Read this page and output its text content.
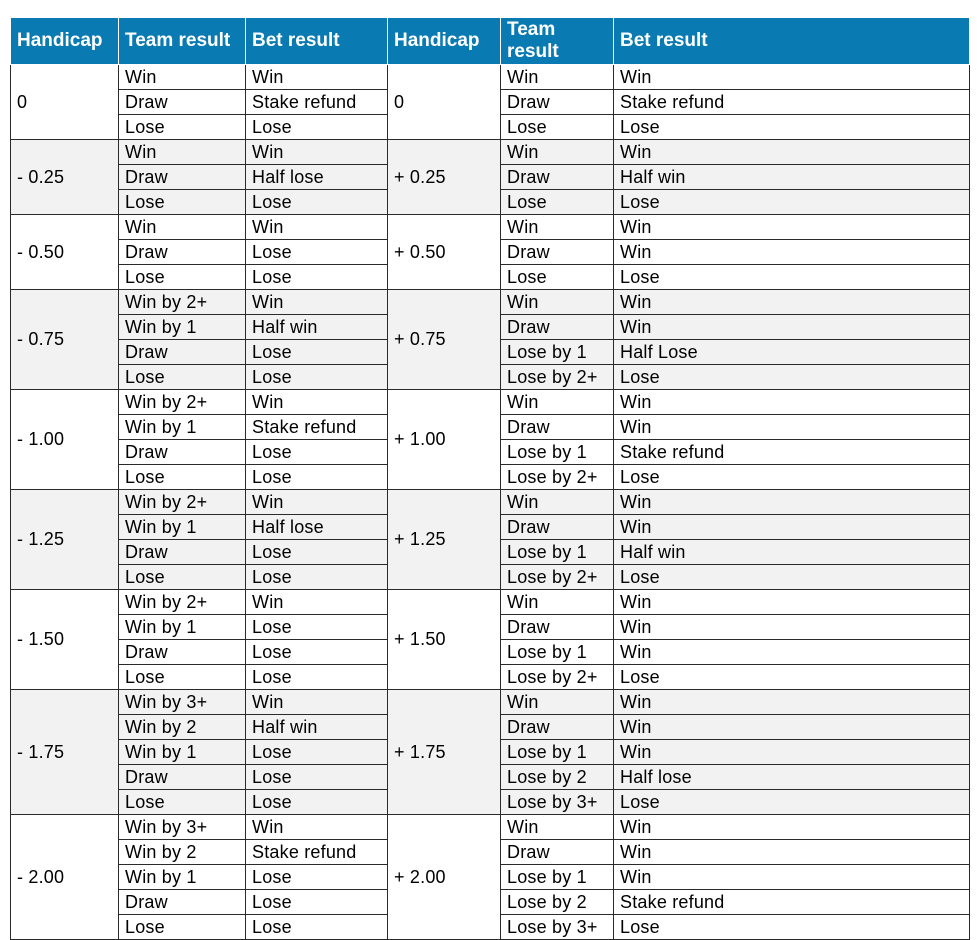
Handicap	Team result	Bet result	Handicap	Team
result	Bet result
0	Win	Win	0	Win	Win
	Draw	Stake refund		Draw	Stake refund
	Lose	Lose		Lose	Lose
- 0.25	Win	Win	+ 0.25	Win	Win
	Draw	Half lose		Draw	Half win
	Lose	Lose		Lose	Lose
- 0.50	Win	Win	+ 0.50	Win	Win
	Draw	Lose		Draw	Win
	Lose	Lose		Lose	Lose
- 0.75	Win by 2+	Win	+ 0.75	Win	Win
	Win by 1	Half win		Draw	Win
	Draw	Lose		Lose by 1	Half Lose
	Lose	Lose		Lose by 2+	Lose
- 1.00	Win by 2+	Win	+ 1.00	Win	Win
	Win by 1	Stake refund		Draw	Win
	Draw	Lose		Lose by 1	Stake refund
	Lose	Lose		Lose by 2+	Lose
- 1.25	Win by 2+	Win	+ 1.25	Win	Win
	Win by 1	Half lose		Draw	Win
	Draw	Lose		Lose by 1	Half win
	Lose	Lose		Lose by 2+	Lose
- 1.50	Win by 2+	Win	+ 1.50	Win	Win
	Win by 1	Lose		Draw	Win
	Draw	Lose		Lose by 1	Win
	Lose	Lose		Lose by 2+	Lose
- 1.75	Win by 3+	Win	+ 1.75	Win	Win
	Win by 2	Half win		Draw	Win
	Win by 1	Lose		Lose by 1	Win
	Draw	Lose		Lose by 2	Half lose
	Lose	Lose		Lose by 3+	Lose
- 2.00	Win by 3+	Win	+ 2.00	Win	Win
	Win by 2	Stake refund		Draw	Win
	Win by 1	Lose		Lose by 1	Win
	Draw	Lose		Lose by 2	Stake refund
	Lose	Lose		Lose by 3+	Lose
